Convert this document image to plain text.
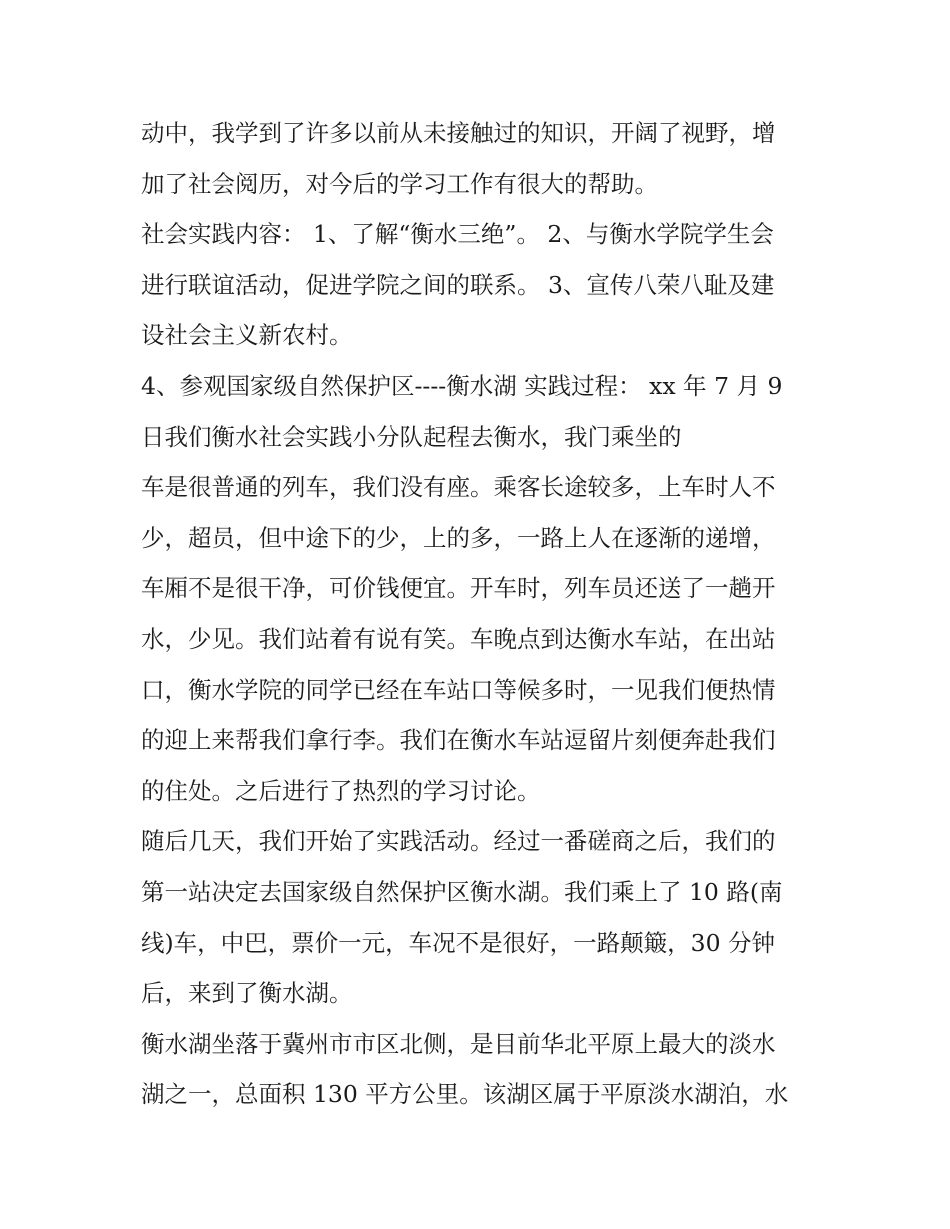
动中，我学到了许多以前从未接触过的知识，开阔了视野，增
加了社会阅历，对今后的学习工作有很大的帮助。
社会实践内容： 1、了解“衡水三绝”。 2、与衡水学院学生会
进行联谊活动，促进学院之间的联系。 3、宣传八荣八耻及建
设社会主义新农村。
4、参观国家级自然保护区----衡水湖 实践过程： xx 年 7 月 9
日我们衡水社会实践小分队起程去衡水，我门乘坐的
车是很普通的列车，我们没有座。乘客长途较多，上车时人不
少，超员，但中途下的少，上的多，一路上人在逐渐的递增，
车厢不是很干净，可价钱便宜。开车时，列车员还送了一趟开
水，少见。我们站着有说有笑。车晚点到达衡水车站，在出站
口，衡水学院的同学已经在车站口等候多时，一见我们便热情
的迎上来帮我们拿行李。我们在衡水车站逗留片刻便奔赴我们
的住处。之后进行了热烈的学习讨论。
随后几天，我们开始了实践活动。经过一番磋商之后，我们的
第一站决定去国家级自然保护区衡水湖。我们乘上了 10 路(南
线)车，中巴，票价一元，车况不是很好，一路颠簸，30 分钟
后，来到了衡水湖。
衡水湖坐落于冀州市市区北侧，是目前华北平原上最大的淡水
湖之一，总面积 130 平方公里。该湖区属于平原淡水湖泊，水
